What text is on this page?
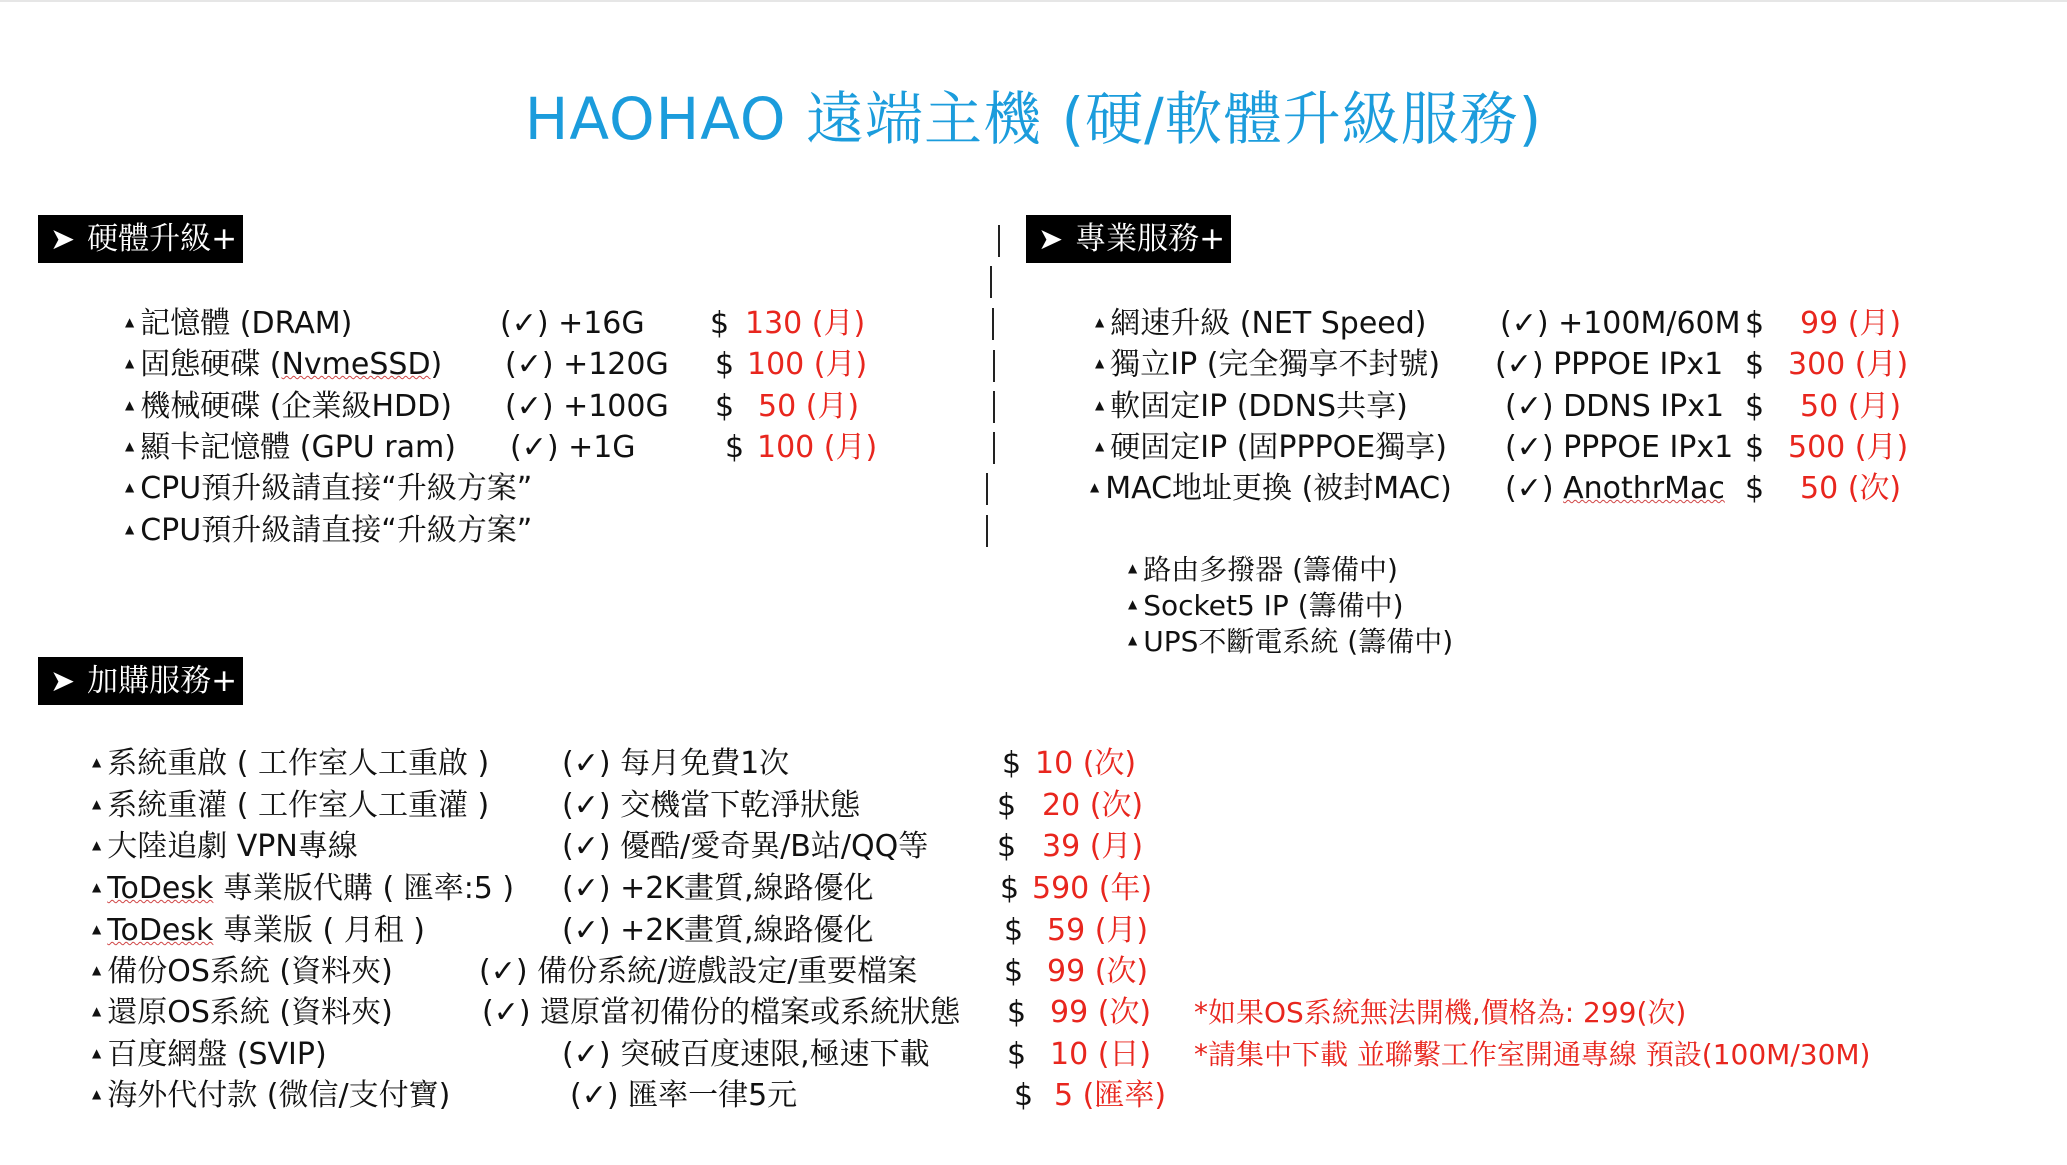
HAOHAO 遠端主機 (硬/軟體升級服務)
➤ 硬體升級+
▲ 記憶體 (DRAM)	(✓) +16G $ 130 (月)
▲ 固態硬碟 (NvmeSSD) (✓) +120G $ 100 (月)
▲ 機械硬碟 (企業級HDD) (✓) +100G $ 50 (月)
▲ 顯卡記憶體 (GPU ram) (✓) +1G	$ 100 (月)
▲ CPU預升級請直接“升級方案”
▲ CPU預升級請直接“升級方案”
➤ 專業服務+
▲ 網速升級 (NET Speed) (✓) +100M/60M $ 99 (月)
▲ 獨立IP (完全獨享不封號) (✓) PPPOE IPx1 $ 300 (月)
▲ 軟固定IP (DDNS共享)	(✓) DDNS IPx1 $ 50 (月)
▲ 硬固定IP (固PPPOE獨享) (✓) PPPOE IPx1 $ 500 (月)
▲ MAC地址更換 (被封MAC) (✓) AnothrMac $ 50 (次)
▲ 路由多撥器 (籌備中)
▲ Socket5 IP (籌備中)
▲ UPS不斷電系統 (籌備中)
➤ 加購服務+
▲ 系統重啟 ( 工作室人工重啟 ) (✓) 每月免費1次	$ 10 (次)
▲ 系統重灌 ( 工作室人工重灌 ) (✓) 交機當下乾淨狀態	$ 20 (次)
▲ 大陸追劇 VPN專線	(✓) 優酷/愛奇異/B站/QQ等 $ 39 (月)
▲ ToDesk 專業版代購 ( 匯率:5 ) (✓) +2K畫質,線路優化	$ 590 (年)
▲ ToDesk 專業版 ( 月租 )	(✓) +2K畫質,線路優化	$ 59 (月)
▲ 備份OS系統 (資料夾)	(✓) 備份系統/遊戲設定/重要檔案	$ 99 (次)
▲ 還原OS系統 (資料夾)	(✓) 還原當初備份的檔案或系統狀態 $ 99 (次) *如果OS系統無法開機,價格為: 299(次)
▲ 百度網盤 (SVIP)	(✓) 突破百度速限,極速下載	$ 10 (日) *請集中下載 並聯繫工作室開通專線 預設(100M/30M)
▲ 海外代付款 (微信/支付寶)	(✓) 匯率一律5元	$ 5 (匯率)
